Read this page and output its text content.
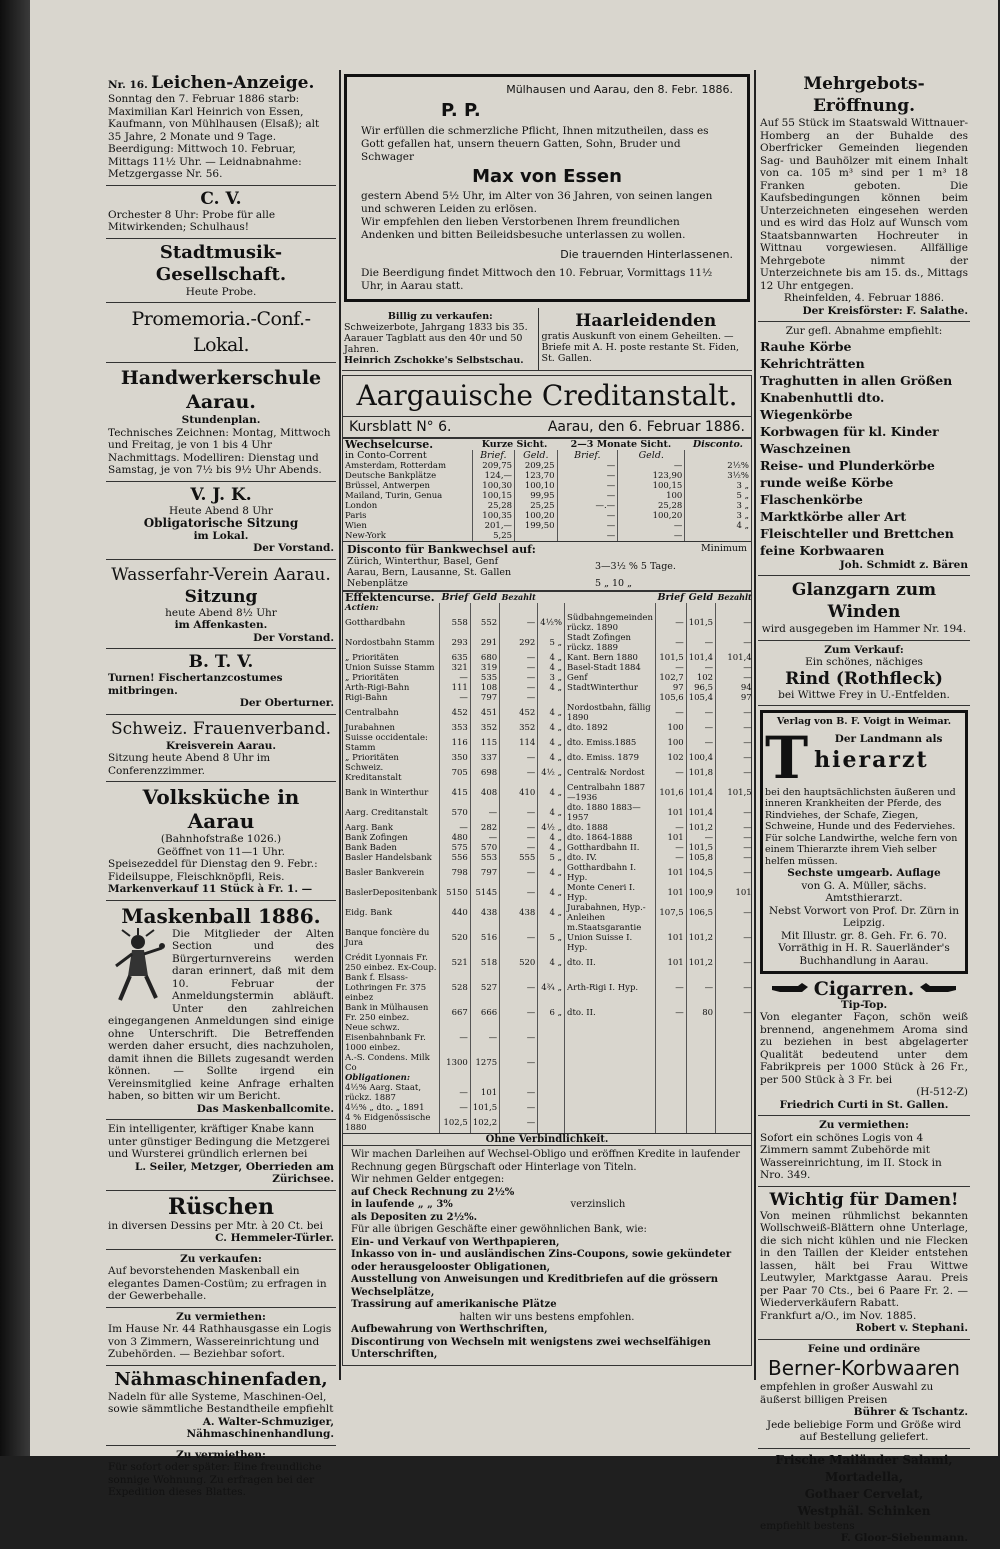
Nr. 16. Leichen-Anzeige.
Sonntag den 7. Februar 1886 starb: Maximilian Karl Heinrich von Essen, Kaufmann, von Mühlhausen (Elsaß); alt 35 Jahre, 2 Monate und 9 Tage. Beerdigung: Mittwoch 10. Februar, Mittags 11½ Uhr. — Leidnabnahme: Metzgergasse Nr. 56.
C. V.
Orchester 8 Uhr: Probe für alle Mitwirkenden; Schulhaus!
Stadtmusik-Gesellschaft.
Heute Probe.
Promemoria.-Conf.-Lokal.
Handwerkerschule Aarau.
Stundenplan.
Technisches Zeichnen: Montag, Mittwoch und Freitag, je von 1 bis 4 Uhr Nachmittags. Modelliren: Dienstag und Samstag, je von 7½ bis 9½ Uhr Abends.
V. J. K.
Heute Abend 8 Uhr
Obligatorische Sitzung
im Lokal.
Der Vorstand.
Wasserfahr-Verein Aarau.
Sitzung
heute Abend 8½ Uhr
im Affenkasten.
Der Vorstand.
B. T. V.
Turnen! Fischertanzcostumes mitbringen.
Der Oberturner.
Schweiz. Frauenverband.
Kreisverein Aarau.
Sitzung heute Abend 8 Uhr im Conferenzzimmer.
Volksküche in Aarau
(Bahnhofstraße 1026.)
Geöffnet von 11—1 Uhr.
Speisezeddel für Dienstag den 9. Febr.: Fideilsuppe, Fleischknöpfli, Reis.
Markenverkauf 11 Stück à Fr. 1. —
Maskenball 1886.
Die Mitglieder der Alten Section und des Bürgerturnvereins werden daran erinnert, daß mit dem 10. Februar der Anmeldungstermin abläuft. Unter den zahlreichen eingegangenen Anmeldungen sind einige ohne Unterschrift. Die Betreffenden werden daher ersucht, dies nachzuholen, damit ihnen die Billets zugesandt werden können. — Sollte irgend ein Vereinsmitglied keine Anfrage erhalten haben, so bitten wir um Bericht.
Das Maskenballcomite.
Ein intelligenter, kräftiger Knabe kann unter günstiger Bedingung die Metzgerei und Wursterei gründlich erlernen bei
L. Seiler, Metzger, Oberrieden am Zürichsee.
Rüschen
in diversen Dessins per Mtr. à 20 Ct. bei
C. Hemmeler-Türler.
Zu verkaufen:
Auf bevorstehenden Maskenball ein elegantes Damen-Costüm; zu erfragen in der Gewerbehalle.
Zu vermiethen:
Im Hause Nr. 44 Rathhausgasse ein Logis von 3 Zimmern, Wassereinrichtung und Zubehörden. — Beziehbar sofort.
Nähmaschinenfaden,
Nadeln für alle Systeme, Maschinen-Oel, sowie sämmtliche Bestandtheile empfiehlt
A. Walter-Schmuziger, Nähmaschinenhandlung.
Zu vermiethen:
Für sofort oder später: Eine freundliche sonnige Wohnung. Zu erfragen bei der Expedition dieses Blattes.
Mülhausen und Aarau, den 8. Febr. 1886.
P. P.
Wir erfüllen die schmerzliche Pflicht, Ihnen mitzutheilen, dass es Gott gefallen hat, unsern theuern Gatten, Sohn, Bruder und Schwager
Max von Essen
gestern Abend 5½ Uhr, im Alter von 36 Jahren, von seinen langen und schweren Leiden zu erlösen.
Wir empfehlen den lieben Verstorbenen Ihrem freundlichen Andenken und bitten Beileidsbesuche unterlassen zu wollen.
Die trauernden Hinterlassenen.
Die Beerdigung findet Mittwoch den 10. Februar, Vormittags 11½ Uhr, in Aarau statt.
Billig zu verkaufen:
Schweizerbote, Jahrgang 1833 bis 35. Aarauer Tagblatt aus den 40r und 50 Jahren.
Heinrich Zschokke's Selbstschau.
Haarleidenden
gratis Auskunft von einem Geheilten. — Briefe mit A. H. poste restante St. Fiden, St. Gallen.
Aargauische Creditanstalt.
Kursblatt N° 6.	Aarau, den 6. Februar 1886.
Wechselcurse.	Kurze Sicht.		2—3 Monate Sicht.		Disconto.
in Conto-Corrent	Brief.	Geld.	Brief.	Geld.	
Amsterdam, Rotterdam	209,75	209,25	—	—	2½%
Deutsche Bankplätze	124,—	123,70	—	123,90	3½%
Brüssel, Antwerpen	100,30	100,10	—	100,15	3 „
Mailand, Turin, Genua	100,15	99,95	—	100	5 „
London	25,28	25,25	—.—	25,28	3 „
Paris	100,35	100,20	—	100,20	3 „
Wien	201,—	199,50	—	—	4 „
New-York	5,25		—	—	
Disconto für Bankwechsel auf:	Minimum
Zürich, Winterthur, Basel, Genf
Aarau, Bern, Lausanne, St. Gallen
3—3½ % 5 Tage.
Nebenplätze	5 „ 10 „
Effektencurse.	Brief	Geld	Bezahlt			Brief	Geld	Bezahlt
Actien:								
Gotthardbahn	558	552	—	4½%	Südbahngemeinden rückz. 1890	—	101,5	—
Nordostbahn Stamm	293	291	292	5 „	Stadt Zofingen rückz. 1889	—	—	—
„ Prioritäten	635	680	—	4 „	Kant. Bern 1880	101,5	101,4	101,4
Union Suisse Stamm	321	319	—	4 „	Basel-Stadt 1884	—	—	—
„ Prioritäten	—	535	—	3 „	Genf	102,7	102	—
Arth-Rigi-Bahn	111	108	—	4 „	StadtWinterthur	97	96,5	94
Rigi-Bahn	—	797	—			105,6	105,4	97
Centralbahn	452	451	452	4 „	Nordostbahn, fällig 1890	—	—	—
Jurabahnen	353	352	352	4 „	dto. 1892	100	—	—
Suisse occidentale: Stamm	116	115	114	4 „	dto. Emiss.1885	100	—	—
„ Prioritäten	350	337	—	4 „	dto. Emiss. 1879	102	100,4	—
Schweiz. Kreditanstalt	705	698	—	4½ „	Central& Nordost	—	101,8	—
Bank in Winterthur	415	408	410	4 „	Centralbahn 1887—1936	101,6	101,4	101,5
Aarg. Creditanstalt	570	—	—	4 „	dto. 1880 1883—1957	101	101,4	—
Aarg. Bank	—	282	—	4½ „	dto. 1888	—	101,2	—
Bank Zofingen	480	—	—	4 „	dto. 1864-1888	101	—	—
Bank Baden	575	570	—	4 „	Gotthardbahn II.	—	101,5	—
Basler Handelsbank	556	553	555	5 „	dto. IV.	—	105,8	—
Basler Bankverein	798	797	—	4 „	Gotthardbahn I. Hyp.	101	104,5	—
BaslerDepositenbank	5150	5145	—	4 „	Monte Ceneri I. Hyp.	101	100,9	101
Eidg. Bank	440	438	438	4 „	Jurabahnen, Hyp.-Anleihen	107,5	106,5	—
Banque foncière du Jura	520	516	—	5 „	m.Staatsgarantie Union Suisse I. Hyp.	101	101,2	—
Crédit Lyonnais Fr. 250 einbez. Ex-Coup.	521	518	520	4 „	dto. II.	101	101,2	—
Bank f. Elsass-Lothringen Fr. 375 einbez	528	527	—	4¾ „	Arth-Rigi I. Hyp.	—	—	—
Bank in Mülhausen Fr. 250 einbez.	667	666	—	6 „	dto. II.	—	80	—
Neue schwz. Eisenbahnbank Fr. 1000 einbez.	—	—	—					
A.-S. Condens. Milk Co	1300	1275	—					
Obligationen:								
4½% Aarg. Staat, rückz. 1887	—	101	—					
4½% „ dto. „ 1891	—	101,5	—					
4 % Eidgenössische 1880	102,5	102,2	—					
Ohne Verbindlichkeit.
Wir machen Darleihen auf Wechsel-Obligo und eröffnen Kredite in laufender Rechnung gegen Bürgschaft oder Hinterlage von Titeln.
Wir nehmen Gelder entgegen:
auf Check Rechnung zu 2½%
in laufende „ „ 3%
als Depositen zu 2½%.
verzinslich
Für alle übrigen Geschäfte einer gewöhnlichen Bank, wie:
Ein- und Verkauf von Werthpapieren,
Inkasso von in- und ausländischen Zins-Coupons, sowie gekündeter oder herausgelooster Obligationen,
Ausstellung von Anweisungen und Kreditbriefen auf die grössern Wechselplätze,
Trassirung auf amerikanische Plätze
halten wir uns bestens empfohlen.
Aufbewahrung von Werthschriften,
Discontirung von Wechseln mit wenigstens zwei wechselfähigen Unterschriften,
Mehrgebots-Eröffnung.
Auf 55 Stück im Staatswald Wittnauer-Homberg an der Buhalde des Oberfricker Gemeinden liegenden Sag- und Bauhölzer mit einem Inhalt von ca. 105 m³ sind per 1 m³ 18 Franken geboten. Die Kaufsbedingungen können beim Unterzeichneten eingesehen werden und es wird das Holz auf Wunsch vom Staatsbannwarten Hochreuter in Wittnau vorgewiesen. Allfällige Mehrgebote nimmt der Unterzeichnete bis am 15. ds., Mittags 12 Uhr entgegen.
Rheinfelden, 4. Februar 1886.
Der Kreisförster: F. Salathe.
Zur gefl. Abnahme empfiehlt:
Rauhe Körbe
Kehrichträtten
Traghutten in allen Größen
Knabenhuttli dto.
Wiegenkörbe
Korbwagen für kl. Kinder
Waschzeinen
Reise- und Plunderkörbe
runde weiße Körbe
Flaschenkörbe
Marktkörbe aller Art
Fleischteller und Brettchen
feine Korbwaaren
Joh. Schmidt z. Bären
Glanzgarn zum Winden
wird ausgegeben im Hammer Nr. 194.
Zum Verkauf:
Ein schönes, nächiges
Rind (Rothfleck)
bei Wittwe Frey in U.-Entfelden.
Verlag von B. F. Voigt in Weimar.
T	Der Landmann als
hierarzt
bei den hauptsächlichsten äußeren und inneren Krankheiten der Pferde, des Rindviehes, der Schafe, Ziegen, Schweine, Hunde und des Federviehes. Für solche Landwirthe, welche fern von einem Thierarzte ihrem Vieh selber helfen müssen.
Sechste umgearb. Auflage
von G. A. Müller, sächs. Amtsthierarzt.
Nebst Vorwort von Prof. Dr. Zürn in Leipzig.
Mit Illustr. gr. 8. Geh. Fr. 6. 70.
Vorräthig in H. R. Sauerländer's Buchhandlung in Aarau.
Cigarren.
Tip-Top.
Von eleganter Façon, schön weiß brennend, angenehmem Aroma sind zu beziehen in best abgelagerter Qualität bedeutend unter dem Fabrikpreis per 1000 Stück à 26 Fr., per 500 Stück à 3 Fr. bei
(H-512-Z)
Friedrich Curti in St. Gallen.
Zu vermiethen:
Sofort ein schönes Logis von 4 Zimmern sammt Zubehörde mit Wassereinrichtung, im II. Stock in Nro. 349.
Wichtig für Damen!
Von meinen rühmlichst bekannten Wollschweiß-Blättern ohne Unterlage, die sich nicht kühlen und nie Flecken in den Taillen der Kleider entstehen lassen, hält bei Frau Wittwe Leutwyler, Marktgasse Aarau. Preis per Paar 70 Cts., bei 6 Paare Fr. 2. — Wiederverkäufern Rabatt.
Frankfurt a/O., im Nov. 1885.
Robert v. Stephani.
Feine und ordinäre
Berner-Korbwaaren
empfehlen in großer Auswahl zu äußerst billigen Preisen
Bührer & Tschantz.
Jede beliebige Form und Größe wird auf Bestellung geliefert.
Frische Mailänder Salami,
Mortadella,
Gothaer Cervelat,
Westphäl. Schinken
empfiehlt bestens
F. Gloor-Siebenmann.
